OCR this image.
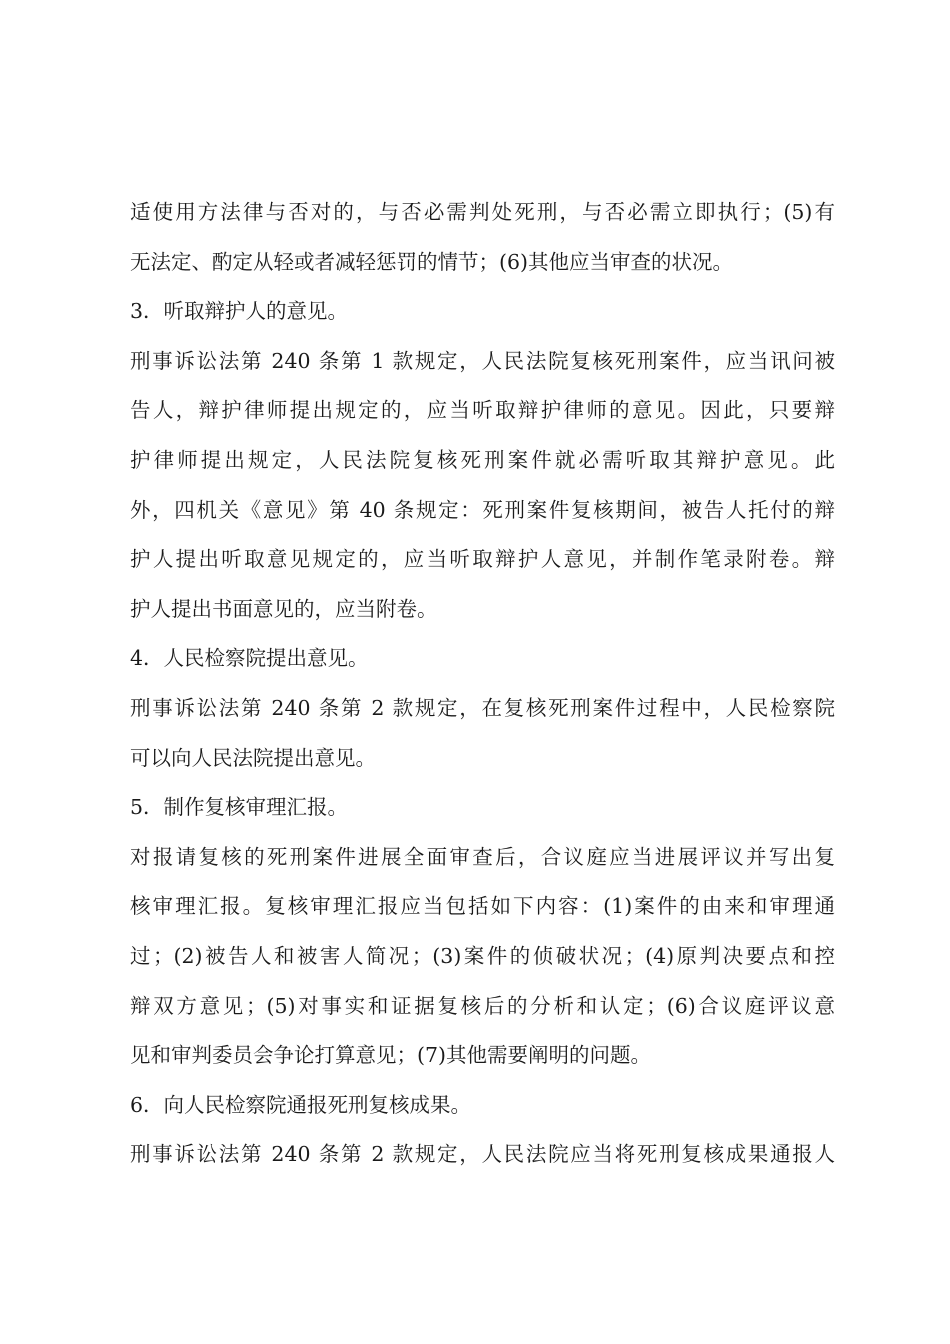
适使用方法律与否对的，与否必需判处死刑，与否必需立即执行；(5)有
无法定、酌定从轻或者减轻惩罚的情节；(6)其他应当审查的状况。
3．听取辩护人的意见。
刑事诉讼法第 240 条第 1 款规定，人民法院复核死刑案件，应当讯问被
告人，辩护律师提出规定的，应当听取辩护律师的意见。因此，只要辩
护律师提出规定，人民法院复核死刑案件就必需听取其辩护意见。此
外，四机关《意见》第 40 条规定：死刑案件复核期间，被告人托付的辩
护人提出听取意见规定的，应当听取辩护人意见，并制作笔录附卷。辩
护人提出书面意见的，应当附卷。
4．人民检察院提出意见。
刑事诉讼法第 240 条第 2 款规定，在复核死刑案件过程中，人民检察院
可以向人民法院提出意见。
5．制作复核审理汇报。
对报请复核的死刑案件进展全面审查后，合议庭应当进展评议并写出复
核审理汇报。复核审理汇报应当包括如下内容：(1)案件的由来和审理通
过；(2)被告人和被害人简况；(3)案件的侦破状况；(4)原判决要点和控
辩双方意见；(5)对事实和证据复核后的分析和认定；(6)合议庭评议意
见和审判委员会争论打算意见；(7)其他需要阐明的问题。
6．向人民检察院通报死刑复核成果。
刑事诉讼法第 240 条第 2 款规定，人民法院应当将死刑复核成果通报人
